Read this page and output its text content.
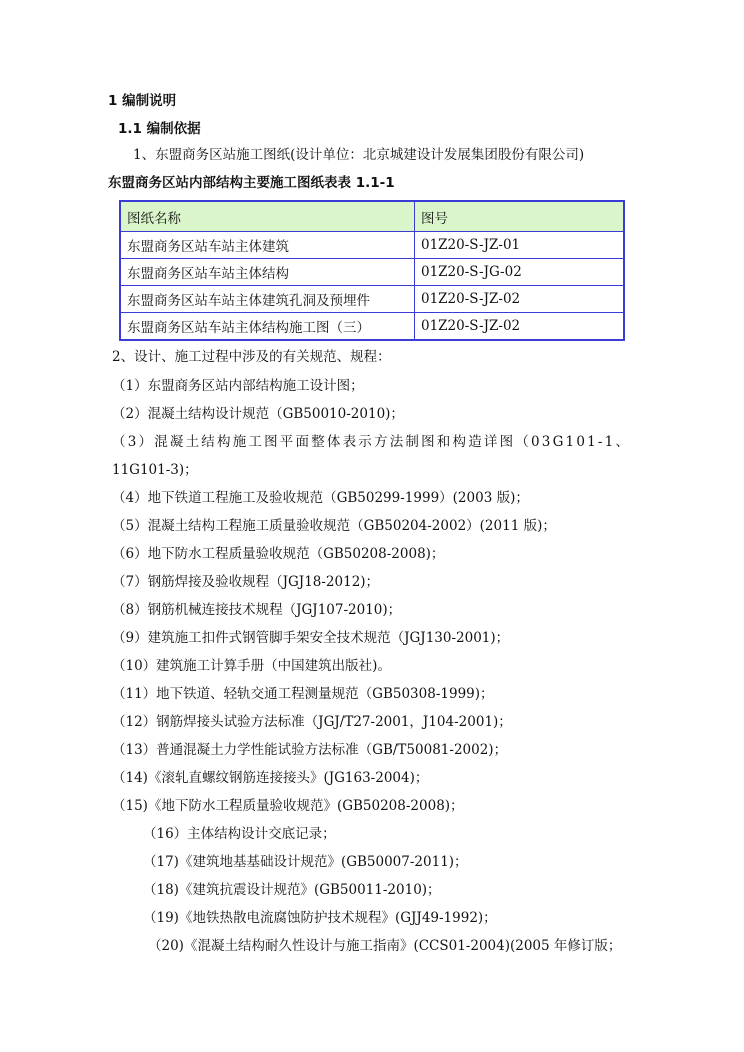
1 编制说明
1.1 编制依据
1、东盟商务区站施工图纸(设计单位：北京城建设计发展集团股份有限公司)
东盟商务区站内部结构主要施工图纸表表 1.1-1
图纸名称	图号
东盟商务区站车站主体建筑	01Z20-S-JZ-01
东盟商务区站车站主体结构	01Z20-S-JG-02
东盟商务区站车站主体建筑孔洞及预埋件	01Z20-S-JZ-02
东盟商务区站车站主体结构施工图（三）	01Z20-S-JZ-02
2、设计、施工过程中涉及的有关规范、规程：
（1）东盟商务区站内部结构施工设计图；
（2）混凝土结构设计规范（GB50010-2010)；
（3）混凝土结构施工图平面整体表示方法制图和构造详图（03G101-1、
11G101-3)；
（4）地下铁道工程施工及验收规范（GB50299-1999）(2003 版)；
（5）混凝土结构工程施工质量验收规范（GB50204-2002）(2011 版)；
（6）地下防水工程质量验收规范（GB50208-2008)；
（7）钢筋焊接及验收规程（JGJ18-2012)；
（8）钢筋机械连接技术规程（JGJ107-2010)；
（9）建筑施工扣件式钢管脚手架安全技术规范（JGJ130-2001)；
（10）建筑施工计算手册（中国建筑出版社)。
（11）地下铁道、轻轨交通工程测量规范（GB50308-1999)；
（12）钢筋焊接头试验方法标准（JGJ/T27-2001，J104-2001)；
（13）普通混凝土力学性能试验方法标准（GB/T50081-2002)；
（14)《滚轧直螺纹钢筋连接接头》(JG163-2004)；
（15)《地下防水工程质量验收规范》(GB50208-2008)；
（16）主体结构设计交底记录；
（17)《建筑地基基础设计规范》(GB50007-2011)；
（18)《建筑抗震设计规范》(GB50011-2010)；
（19)《地铁热散电流腐蚀防护技术规程》(GJJ49-1992)；
（20)《混凝土结构耐久性设计与施工指南》(CCS01-2004)(2005 年修订版；
